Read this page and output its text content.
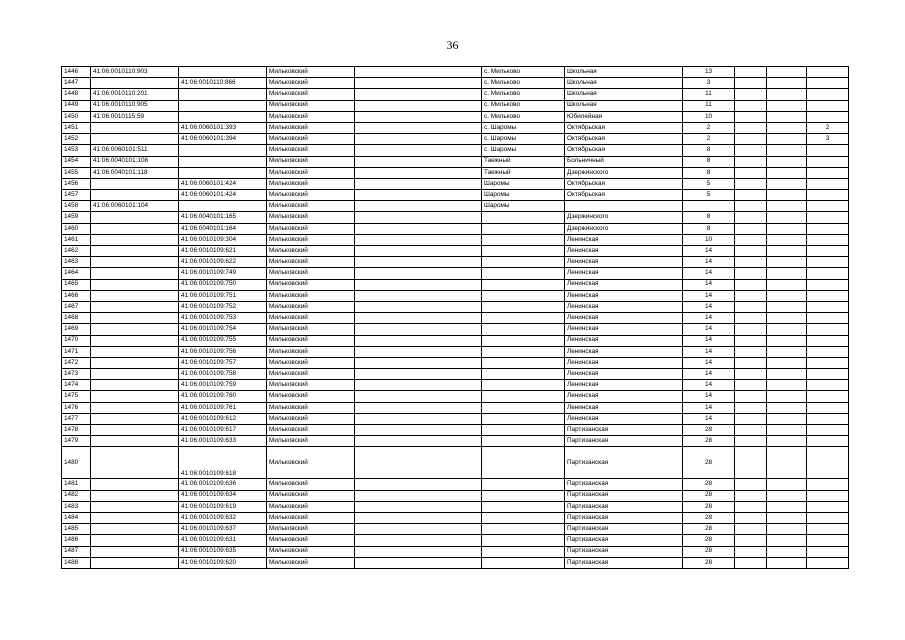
36
1446	41:06:0010110:903		Мильковский		с. Мильково	Школьная	13			
1447		41:06:0010110:866	Мильковский		с. Мильково	Школьная	3			
1448	41:06:0010110:201		Мильковский		с. Мильково	Школьная	11			
1449	41:06:0010110:905		Мильковский		с. Мильково	Школьная	11			
1450	41:06:0010115:59		Мильковский		с. Мильково	Юбилейная	10			
1451		41:06:0060101:393	Мильковский		с. Шаромы	Октябрьская	2			2
1452		41:06:0060101:394	Мильковский		с. Шаромы	Октябрьская	2			3
1453	41:06:0060101:511		Мильковский		с. Шаромы	Октябрьская	8			
1454	41:06:0040101:108		Мильковский		Таежный	Больничный	8			
1455	41:06:0040101:118		Мильковский		Таежный	Дзержинского	8			
1456		41:06:0060101:424	Мильковский		Шаромы	Октябрьская	5			
1457		41:06:0060101:424	Мильковский		Шаромы	Октябрьская	5			
1458	41:06:0060101:104		Мильковский		Шаромы					
1459		41:06:0040101:165	Мильковский			Дзержинского	8			
1460		41:06:0040101:164	Мильковский			Дзержинского	8			
1461		41:06:0010109:304	Мильковский			Ленинская	10			
1462		41:06:0010109:621	Мильковский			Ленинская	14			
1463		41:06:0010109:622	Мильковский			Ленинская	14			
1464		41:06:0010109:749	Мильковский			Ленинская	14			
1465		41:06:0010109:750	Мильковский			Ленинская	14			
1466		41:06:0010109:751	Мильковский			Ленинская	14			
1467		41:06:0010109:752	Мильковский			Ленинская	14			
1468		41:06:0010109:753	Мильковский			Ленинская	14			
1469		41:06:0010109:754	Мильковский			Ленинская	14			
1470		41:06:0010109:755	Мильковский			Ленинская	14			
1471		41:06:0010109:756	Мильковский			Ленинская	14			
1472		41:06:0010109:757	Мильковский			Ленинская	14			
1473		41:06:0010109:758	Мильковский			Ленинская	14			
1474		41:06:0010109:759	Мильковский			Ленинская	14			
1475		41:06:0010109:760	Мильковский			Ленинская	14			
1476		41:06:0010109:761	Мильковский			Ленинская	14			
1477		41:06:0010109:612	Мильковский			Ленинская	14			
1478		41:06:0010109:617	Мильковский			Партизанская	28			
1479		41:06:0010109:633	Мильковский			Партизанская	28			
1480		41:06:0010109:618	Мильковский			Партизанская	28			
1481		41:06:0010109:636	Мильковский			Партизанская	28			
1482		41:06:0010109:634	Мильковский			Партизанская	28			
1483		41:06:0010109:619	Мильковский			Партизанская	28			
1484		41:06:0010109:632	Мильковский			Партизанская	28			
1485		41:06:0010109:637	Мильковский			Партизанская	28			
1486		41:06:0010109:631	Мильковский			Партизанская	28			
1487		41:06:0010109:635	Мильковский			Партизанская	28			
1488		41:06:0010109:620	Мильковский			Партизанская	28			
